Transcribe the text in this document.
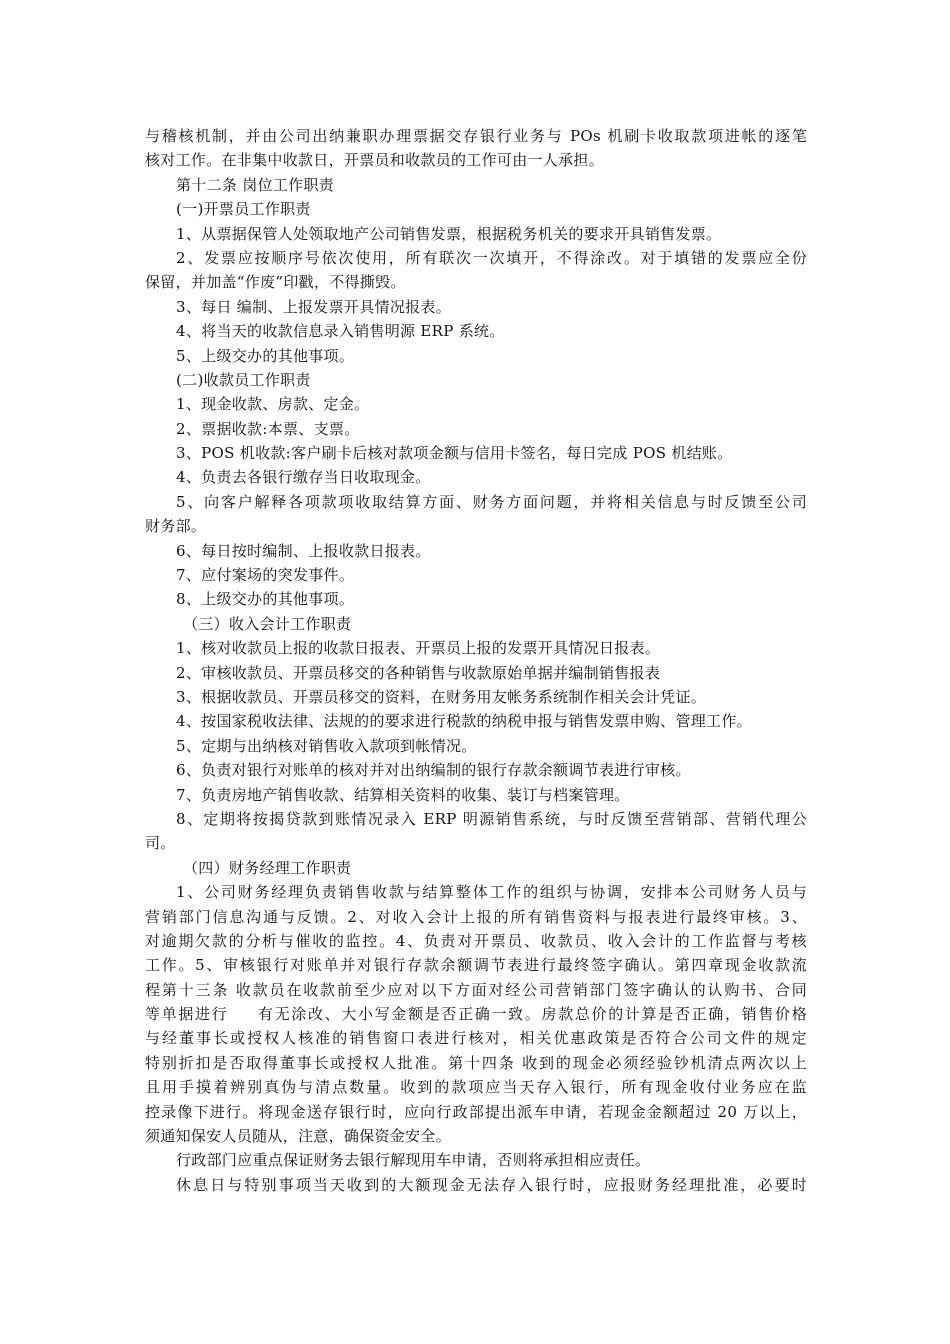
与稽核机制，并由公司出纳兼职办理票据交存银行业务与 POs 机刷卡收取款项进帐的逐笔
核对工作。在非集中收款日，开票员和收款员的工作可由一人承担。
第十二条 岗位工作职责
(一)开票员工作职责
1、从票据保管人处领取地产公司销售发票，根据税务机关的要求开具销售发票。
2、发票应按顺序号依次使用，所有联次一次填开，不得涂改。对于填错的发票应全份
保留，并加盖“作废”印戳，不得撕毁。
3、每日 编制、上报发票开具情况报表。
4、将当天的收款信息录入销售明源 ERP 系统。
5、上级交办的其他事项。
(二)收款员工作职责
1、现金收款、房款、定金。
2、票据收款:本票、支票。
3、POS 机收款:客户刷卡后核对款项金额与信用卡签名，每日完成 POS 机结账。
4、负责去各银行缴存当日收取现金。
5、向客户解释各项款项收取结算方面、财务方面问题，并将相关信息与时反馈至公司
财务部。
6、每日按时编制、上报收款日报表。
7、应付案场的突发事件。
8、上级交办的其他事项。
（三）收入会计工作职责
1、核对收款员上报的收款日报表、开票员上报的发票开具情况日报表。
2、审核收款员、开票员移交的各种销售与收款原始单据并编制销售报表
3、根据收款员、开票员移交的资料，在财务用友帐务系统制作相关会计凭证。
4、按国家税收法律、法规的的要求进行税款的纳税申报与销售发票申购、管理工作。
5、定期与出纳核对销售收入款项到帐情况。
6、负责对银行对账单的核对并对出纳编制的银行存款余额调节表进行审核。
7、负责房地产销售收款、结算相关资料的收集、装订与档案管理。
8、定期将按揭贷款到账情况录入 ERP 明源销售系统，与时反馈至营销部、营销代理公
司。
（四）财务经理工作职责
1、公司财务经理负责销售收款与结算整体工作的组织与协调，安排本公司财务人员与
营销部门信息沟通与反馈。2、对收入会计上报的所有销售资料与报表进行最终审核。3、
对逾期欠款的分析与催收的监控。4、负责对开票员、收款员、收入会计的工作监督与考核
工作。5、审核银行对账单并对银行存款余额调节表进行最终签字确认。第四章现金收款流
程第十三条 收款员在收款前至少应对以下方面对经公司营销部门签字确认的认购书、合同
等单据进行 　 有无涂改、大小写金额是否正确一致。房款总价的计算是否正确，销售价格
与经董事长或授权人核准的销售窗口表进行核对，相关优惠政策是否符合公司文件的规定
特别折扣是否取得董事长或授权人批准。第十四条 收到的现金必须经验钞机清点两次以上
且用手摸着辨别真伪与清点数量。收到的款项应当天存入银行，所有现金收付业务应在监
控录像下进行。将现金送存银行时，应向行政部提出派车申请，若现金金额超过 20 万以上，
须通知保安人员随从，注意，确保资金安全。
行政部门应重点保证财务去银行解现用车申请，否则将承担相应责任。
休息日与特别事项当天收到的大额现金无法存入银行时，应报财务经理批准，必要时
